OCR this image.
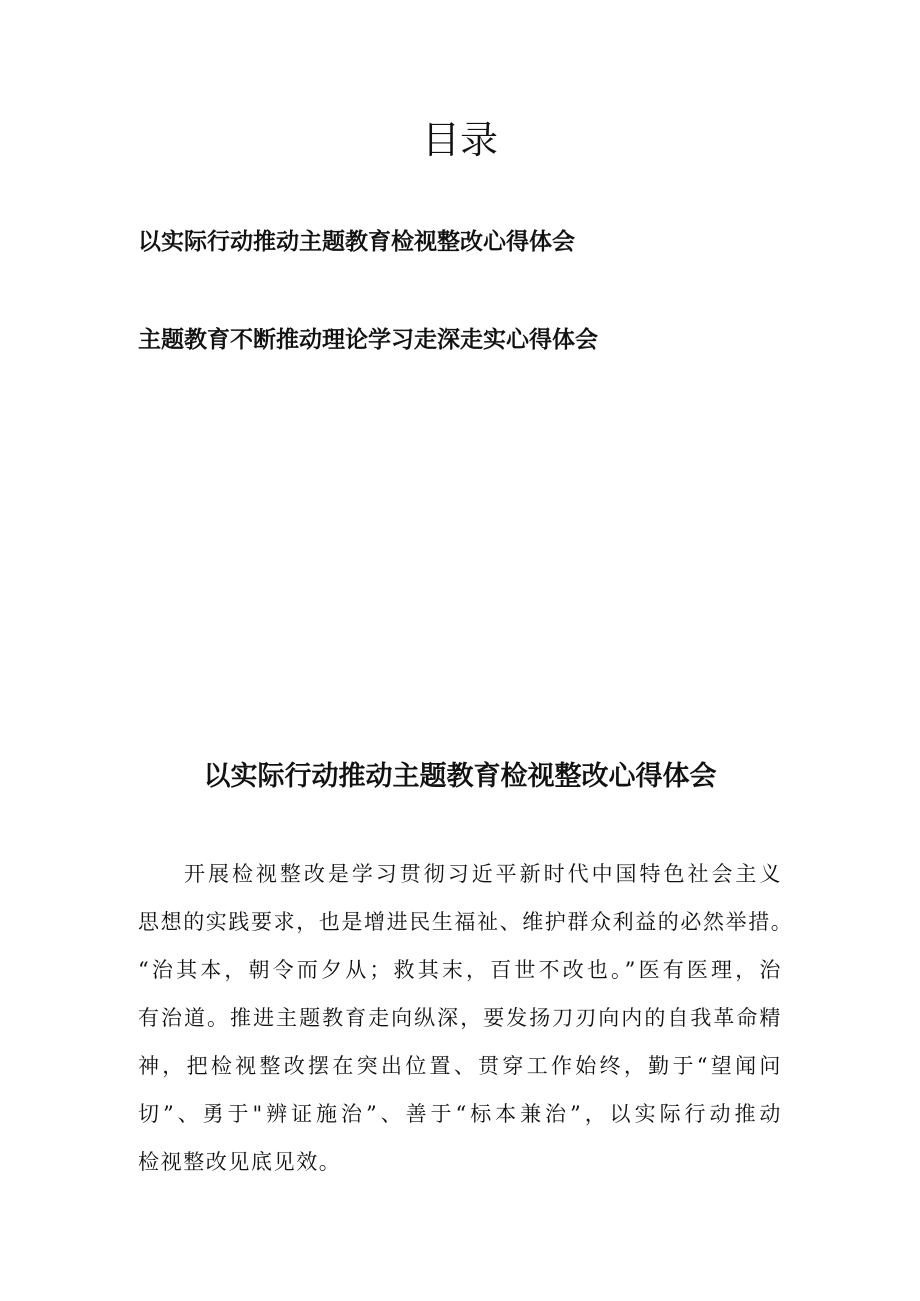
目录
以实际行动推动主题教育检视整改心得体会
主题教育不断推动理论学习走深走实心得体会
以实际行动推动主题教育检视整改心得体会
开展检视整改是学习贯彻习近平新时代中国特色社会主义
思想的实践要求，也是增进民生福祉、维护群众利益的必然举措。
“治其本，朝令而夕从；救其末，百世不改也。”医有医理，治
有治道。推进主题教育走向纵深，要发扬刀刃向内的自我革命精
神，把检视整改摆在突出位置、贯穿工作始终，勤于“望闻问
切”、勇于"辨证施治”、善于“标本兼治”，以实际行动推动
检视整改见底见效。
